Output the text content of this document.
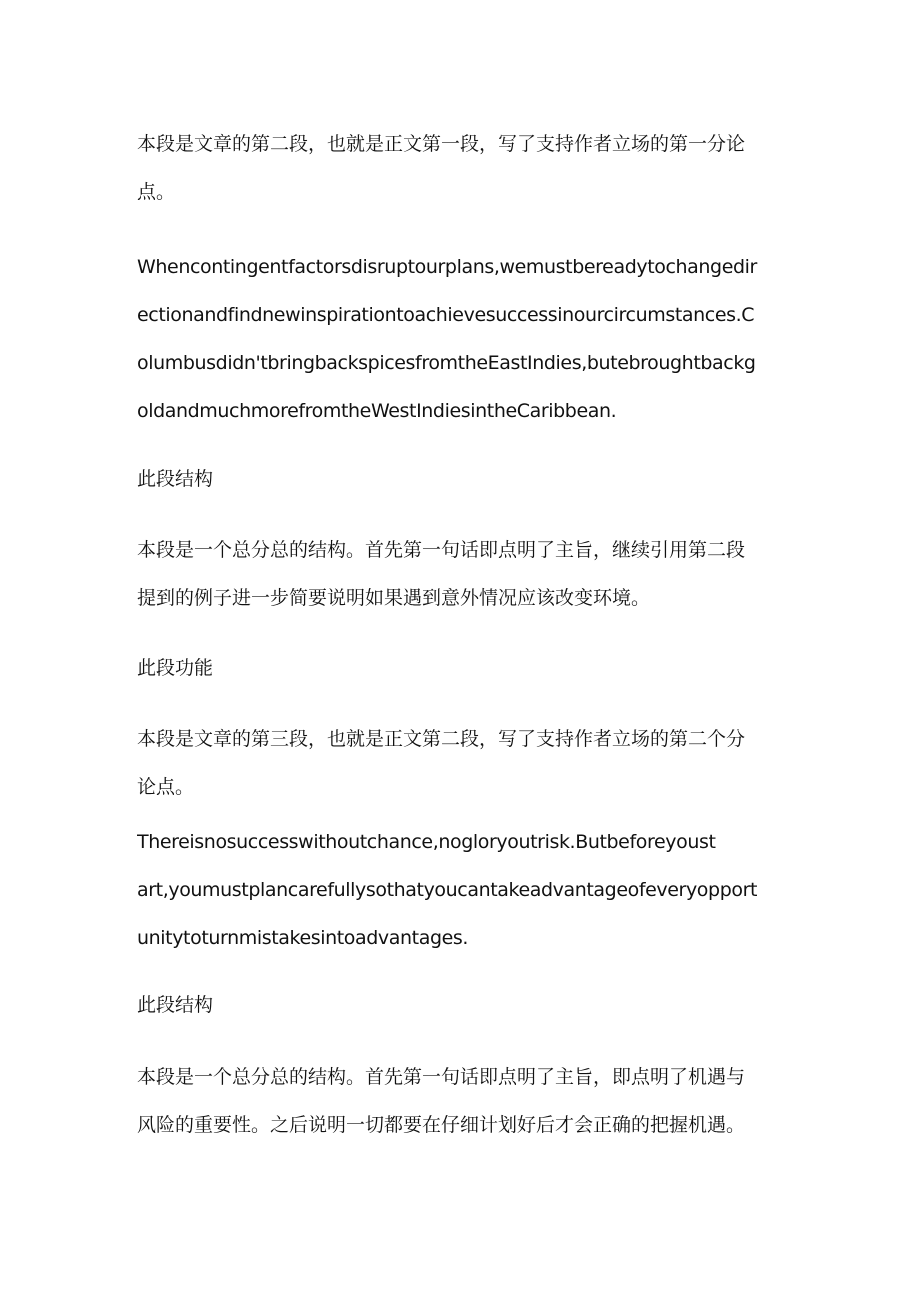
本段是文章的第二段，也就是正文第一段，写了支持作者立场的第一分论
点。
Whencontingentfactorsdisruptourplans,wemustbereadytochangedir
ectionandfindnewinspirationtoachievesuccessinourcircumstances.C
olumbusdidn'tbringbackspicesfromtheEastIndies,butebroughtbackg
oldandmuchmorefromtheWestIndiesintheCaribbean.
此段结构
本段是一个总分总的结构。首先第一句话即点明了主旨，继续引用第二段
提到的例子进一步简要说明如果遇到意外情况应该改变环境。
此段功能
本段是文章的第三段，也就是正文第二段，写了支持作者立场的第二个分
论点。
Thereisnosuccesswithoutchance,nogloryoutrisk.Butbeforeyoust
art,youmustplancarefullysothatyoucantakeadvantageofeveryopport
unitytoturnmistakesintoadvantages.
此段结构
本段是一个总分总的结构。首先第一句话即点明了主旨，即点明了机遇与
风险的重要性。之后说明一切都要在仔细计划好后才会正确的把握机遇。
